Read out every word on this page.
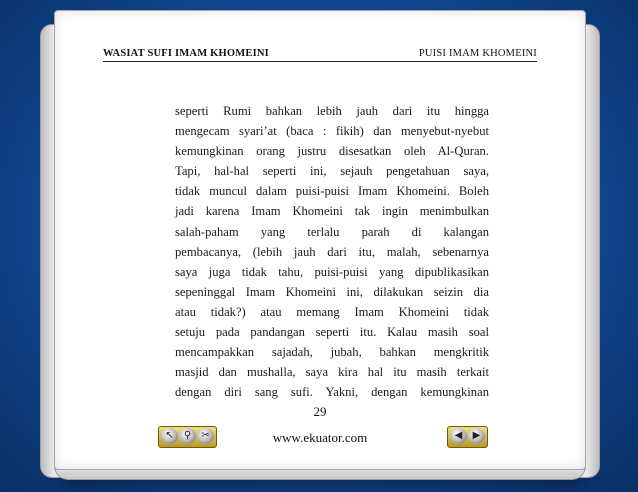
WASIAT SUFI IMAM KHOMEINI	PUISI IMAM KHOMEINI
seperti Rumi bahkan lebih jauh dari itu hingga
mengecam syari’at (baca : fikih) dan menyebut-nyebut
kemungkinan orang justru disesatkan oleh Al-Quran.
Tapi, hal-hal seperti ini, sejauh pengetahuan saya,
tidak muncul dalam puisi-puisi Imam Khomeini. Boleh
jadi karena Imam Khomeini tak ingin menimbulkan
salah-paham yang terlalu parah di kalangan
pembacanya, (lebih jauh dari itu, malah, sebenarnya
saya juga tidak tahu, puisi-puisi yang dipublikasikan
sepeninggal Imam Khomeini ini, dilakukan seizin dia
atau tidak?) atau memang Imam Khomeini tidak
setuju pada pandangan seperti itu. Kalau masih soal
mencampakkan sajadah, jubah, bahkan mengkritik
masjid dan mushalla, saya kira hal itu masih terkait
dengan diri sang sufi. Yakni, dengan kemungkinan
29
www.ekuator.com
↖	⚲	✂	◀	▶
